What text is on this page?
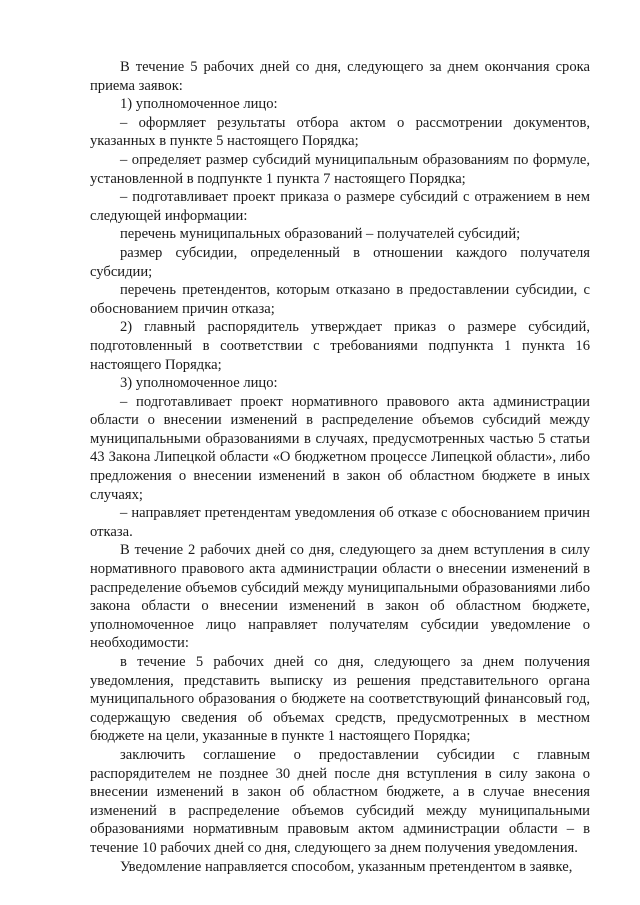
В течение 5 рабочих дней со дня, следующего за днем окончания срока приема заявок:

1) уполномоченное лицо:

– оформляет результаты отбора актом о рассмотрении документов, указанных в пункте 5 настоящего Порядка;

– определяет размер субсидий муниципальным образованиям по формуле, установленной в подпункте 1 пункта 7 настоящего Порядка;

– подготавливает проект приказа о размере субсидий с отражением в нем следующей информации:

перечень муниципальных образований – получателей субсидий;

размер субсидии, определенный в отношении каждого получателя субсидии;

перечень претендентов, которым отказано в предоставлении субсидии, с обоснованием причин отказа;

2) главный распорядитель утверждает приказ о размере субсидий, подготовленный в соответствии с требованиями подпункта 1 пункта 16 настоящего Порядка;

3) уполномоченное лицо:

– подготавливает проект нормативного правового акта администрации области о внесении изменений в распределение объемов субсидий между муниципальными образованиями в случаях, предусмотренных частью 5 статьи 43 Закона Липецкой области «О бюджетном процессе Липецкой области», либо предложения о внесении изменений в закон об областном бюджете в иных случаях;

– направляет претендентам уведомления об отказе с обоснованием причин отказа.

В течение 2 рабочих дней со дня, следующего за днем вступления в силу нормативного правового акта администрации области о внесении изменений в распределение объемов субсидий между муниципальными образованиями либо закона области о внесении изменений в закон об областном бюджете, уполномоченное лицо направляет получателям субсидии уведомление о необходимости:

в течение 5 рабочих дней со дня, следующего за днем получения уведомления, представить выписку из решения представительного органа муниципального образования о бюджете на соответствующий финансовый год, содержащую сведения об объемах средств, предусмотренных в местном бюджете на цели, указанные в пункте 1 настоящего Порядка;

заключить соглашение о предоставлении субсидии с главным распорядителем не позднее 30 дней после дня вступления в силу закона о внесении изменений в закон об областном бюджете, а в случае внесения изменений в распределение объемов субсидий между муниципальными образованиями нормативным правовым актом администрации области – в течение 10 рабочих дней со дня, следующего за днем получения уведомления.

Уведомление направляется способом, указанным претендентом в заявке,
